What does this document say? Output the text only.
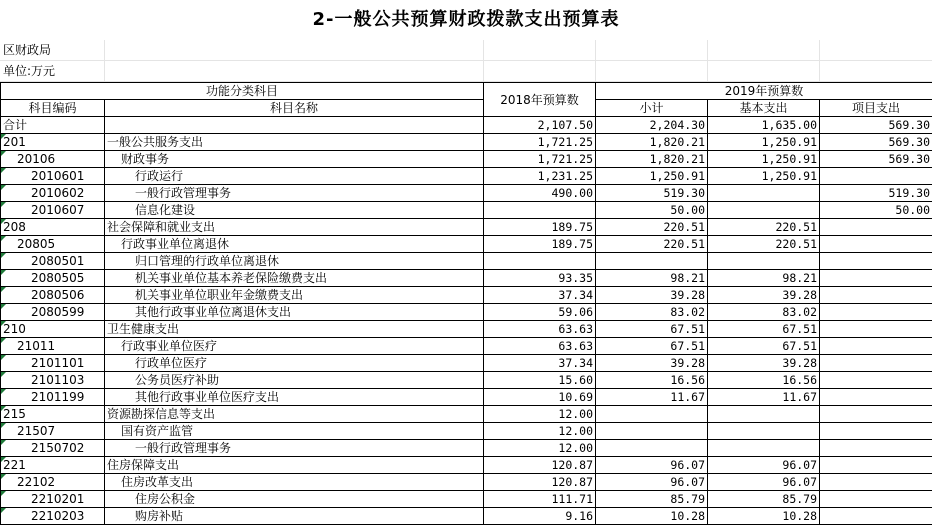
2-一般公共预算财政拨款支出预算表
区财政局
单位:万元
功能分类科目		2018年预算数	2019年预算数		
科目编码	科目名称		小计	基本支出	项目支出
合计		2,107.50	2,204.30	1,635.00	569.30

201	一般公共服务支出	1,721.25	1,820.21	1,250.91	569.30

20106	财政事务	1,721.25	1,820.21	1,250.91	569.30

2010601	行政运行	1,231.25	1,250.91	1,250.91	

2010602	一般行政管理事务	490.00	519.30		519.30

2010607	信息化建设		50.00		50.00

208	社会保障和就业支出	189.75	220.51	220.51	

20805	行政事业单位离退休	189.75	220.51	220.51	

2080501	归口管理的行政单位离退休				

2080505	机关事业单位基本养老保险缴费支出	93.35	98.21	98.21	

2080506	机关事业单位职业年金缴费支出	37.34	39.28	39.28	

2080599	其他行政事业单位离退休支出	59.06	83.02	83.02	

210	卫生健康支出	63.63	67.51	67.51	

21011	行政事业单位医疗	63.63	67.51	67.51	

2101101	行政单位医疗	37.34	39.28	39.28	

2101103	公务员医疗补助	15.60	16.56	16.56	

2101199	其他行政事业单位医疗支出	10.69	11.67	11.67	

215	资源勘探信息等支出	12.00			

21507	国有资产监管	12.00			

2150702	一般行政管理事务	12.00			

221	住房保障支出	120.87	96.07	96.07	

22102	住房改革支出	120.87	96.07	96.07	

2210201	住房公积金	111.71	85.79	85.79	

2210203	购房补贴	9.16	10.28	10.28	
